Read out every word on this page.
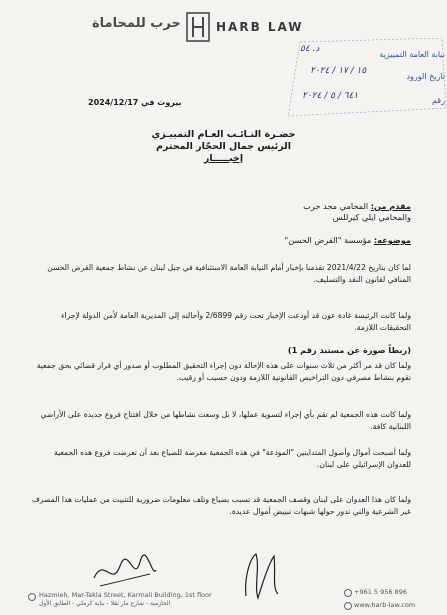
حرب للمحاماة	HARB LAW
نيابة العامة التمييزية
تاريخ الورود
رقم
د. ٥٤
١٥ / ١٧ / ٢٠٢٤
٦٤١ / ٥ / ٢٠٢٤
بيروت في 2024/12/17
حضـرة النـائـب العـام التمييـزي
الرئيس جمال الحجّار المحترم
إخبـــــار
مقدم من: المحامي مجد حرب
والمحامي ايلي كيرللس
موضوعه: مؤسسة "القرض الحسن"
لما كان بتاريخ 2021/4/22 تقدمنا بإخبار أمام النيابة العامة الاستئنافية في جبل لبنان عن نشاط جمعية القرض الحسن المنافي لقانون النقد والتسليف.
ولما كانت الرئيسة غادة عون قد أودعت الإخبار تحت رقم 2/6899 وأحالته إلى المديرية العامة لأمن الدولة لإجراء التحقيقات اللازمة.
(ربطاً صورة عن مستند رقم 1)
ولما كان قد مر أكثر من ثلاث سنوات على هذه الإحالة دون إجراء التحقيق المطلوب أو صدور أي قرار قضائي بحق جمعية تقوم بنشاط مصرفي دون التراخيص القانونية اللازمة ودون حسيب أو رقيب.
ولما كانت هذه الجمعية لم تقم بأي إجراء لتسوية عملها، لا بل وسعت نشاطها من خلال افتتاح فروع جديدة على الأراضي اللبنانية كافة.
ولما أصبحت أموال وأصول المتداينين "المودعة" في هذه الجمعية معرضة للضياع بعد أن تعرضت فروع هذه الجمعية للعدوان الإسرائيلي على لبنان.
ولما كان هذا العدوان على لبنان وقصف الجمعية قد تسبب بضياع وتلف معلومات ضرورية للتثبيت من عمليات هذا المصرف غير الشرعية والتي تدور حولها شبهات تبييض أموال عديدة.
Hazmieh, Mar-Takla Street, Karmali Building, 1st floor
الحازمية - شارع مار تقلا - بناية كرملي - الطابق الأول
+961 5 956 896
www.harb-law.com
